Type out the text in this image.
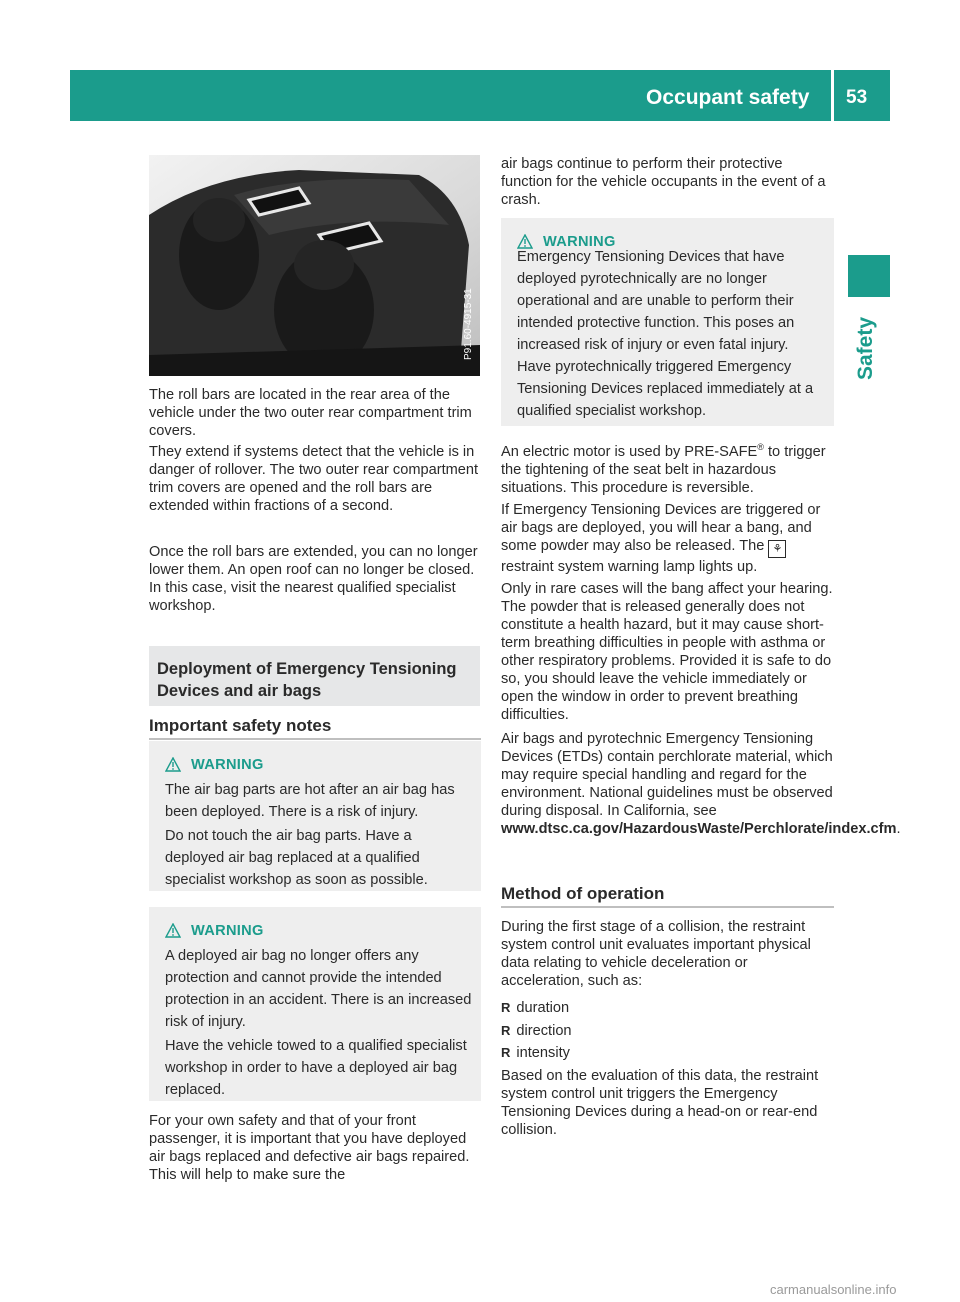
Occupant safety 53
Safety
P91.60-4915-31

The roll bars are located in the rear area of the vehicle under the two outer rear compartment trim covers.

They extend if systems detect that the vehicle is in danger of rollover. The two outer rear compartment trim covers are opened and the roll bars are extended within fractions of a second.

Once the roll bars are extended, you can no longer lower them. An open roof can no longer be closed. In this case, visit the nearest qualified specialist workshop.

Deployment of Emergency Tensioning Devices and air bags
Important safety notes
WARNING

The air bag parts are hot after an air bag has been deployed. There is a risk of injury.

Do not touch the air bag parts. Have a deployed air bag replaced at a qualified specialist workshop as soon as possible.

WARNING

A deployed air bag no longer offers any protection and cannot provide the intended protection in an accident. There is an increased risk of injury.

Have the vehicle towed to a qualified specialist workshop in order to have a deployed air bag replaced.

For your own safety and that of your front passenger, it is important that you have deployed air bags replaced and defective air bags repaired. This will help to make sure the

air bags continue to perform their protective function for the vehicle occupants in the event of a crash.

WARNING

Emergency Tensioning Devices that have deployed pyrotechnically are no longer operational and are unable to perform their intended protective function. This poses an increased risk of injury or even fatal injury.

Have pyrotechnically triggered Emergency Tensioning Devices replaced immediately at a qualified specialist workshop.

An electric motor is used by PRE-SAFE® to trigger the tightening of the seat belt in hazardous situations. This procedure is reversible.

If Emergency Tensioning Devices are triggered or air bags are deployed, you will hear a bang, and some powder may also be released. The ⚘restraint system warning lamp lights up.

Only in rare cases will the bang affect your hearing. The powder that is released generally does not constitute a health hazard, but it may cause short-term breathing difficulties in people with asthma or other respiratory problems. Provided it is safe to do so, you should leave the vehicle immediately or open the window in order to prevent breathing difficulties.

Air bags and pyrotechnic Emergency Tensioning Devices (ETDs) contain perchlorate material, which may require special handling and regard for the environment. National guidelines must be observed during disposal. In California, see www.dtsc.ca.gov/HazardousWaste/Perchlorate/index.cfm.

Method of operation

During the first stage of a collision, the restraint system control unit evaluates important physical data relating to vehicle deceleration or acceleration, such as:

R duration
R direction
R intensity

Based on the evaluation of this data, the restraint system control unit triggers the Emergency Tensioning Devices during a head-on or rear-end collision.

carmanualsonline.info
